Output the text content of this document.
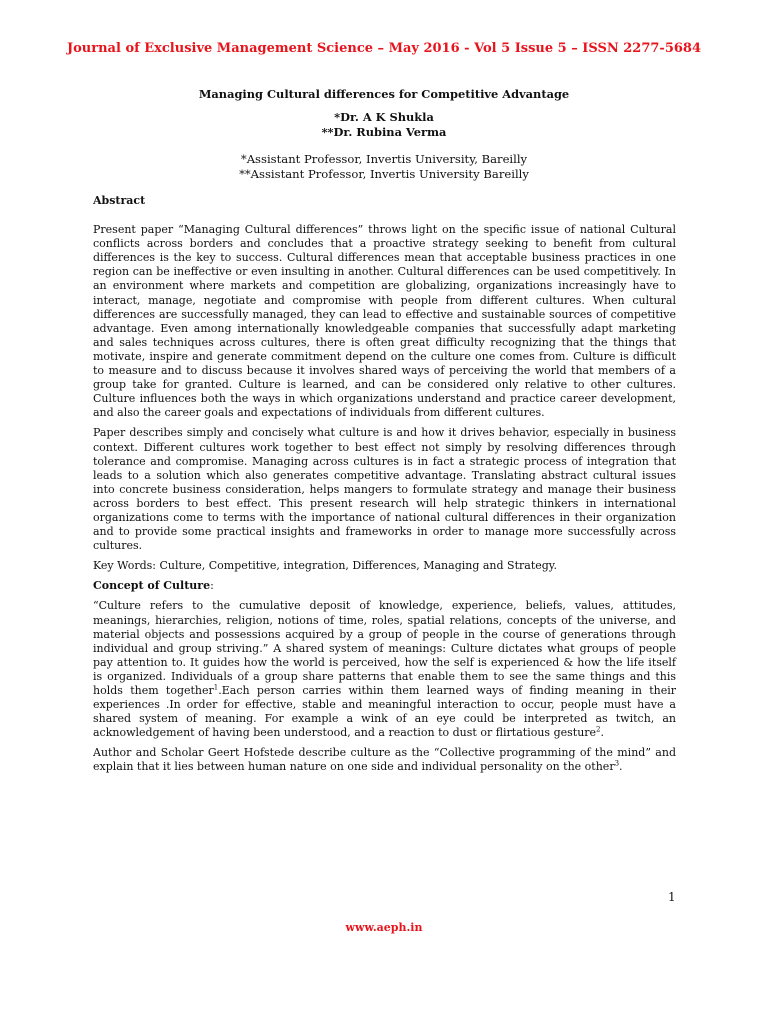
Journal of Exclusive Management Science – May 2016 - Vol 5 Issue 5 – ISSN 2277-5684
Managing Cultural differences for Competitive Advantage
*Dr. A K Shukla
**Dr. Rubina Verma
*Assistant Professor, Invertis University, Bareilly
**Assistant Professor, Invertis University Bareilly
Abstract

Present paper “Managing Cultural differences” throws light on the specific issue of national Cultural conflicts across borders and concludes that a proactive strategy seeking to benefit from cultural differences is the key to success. Cultural differences mean that acceptable business practices in one region can be ineffective or even insulting in another. Cultural differences can be used competitively. In an environment where markets and competition are globalizing, organizations increasingly have to interact, manage, negotiate and compromise with people from different cultures. When cultural differences are successfully managed, they can lead to effective and sustainable sources of competitive advantage. Even among internationally knowledgeable companies that successfully adapt marketing and sales techniques across cultures, there is often great difficulty recognizing that the things that motivate, inspire and generate commitment depend on the culture one comes from. Culture is difficult to measure and to discuss because it involves shared ways of perceiving the world that members of a group take for granted. Culture is learned, and can be considered only relative to other cultures. Culture influences both the ways in which organizations understand and practice career development, and also the career goals and expectations of individuals from different cultures.

Paper describes simply and concisely what culture is and how it drives behavior, especially in business context. Different cultures work together to best effect not simply by resolving differences through tolerance and compromise. Managing across cultures is in fact a strategic process of integration that leads to a solution which also generates competitive advantage. Translating abstract cultural issues into concrete business consideration, helps mangers to formulate strategy and manage their business across borders to best effect. This present research will help strategic thinkers in international organizations come to terms with the importance of national cultural differences in their organization and to provide some practical insights and frameworks in order to manage more successfully across cultures.

Key Words: Culture, Competitive, integration, Differences, Managing and Strategy.

Concept of Culture:

“Culture refers to the cumulative deposit of knowledge, experience, beliefs, values, attitudes, meanings, hierarchies, religion, notions of time, roles, spatial relations, concepts of the universe, and material objects and possessions acquired by a group of people in the course of generations through individual and group striving.” A shared system of meanings: Culture dictates what groups of people pay attention to. It guides how the world is perceived, how the self is experienced & how the life itself is organized. Individuals of a group share patterns that enable them to see the same things and this holds them together$^1$.Each person carries within them learned ways of finding meaning in their experiences .In order for effective, stable and meaningful interaction to occur, people must have a shared system of meaning. For example a wink of an eye could be interpreted as twitch, an acknowledgement of having been understood, and a reaction to dust or flirtatious gesture$^2$.

Author and Scholar Geert Hofstede describe culture as the “Collective programming of the mind” and explain that it lies between human nature on one side and individual personality on the other$^3$.

1
www.aeph.in
